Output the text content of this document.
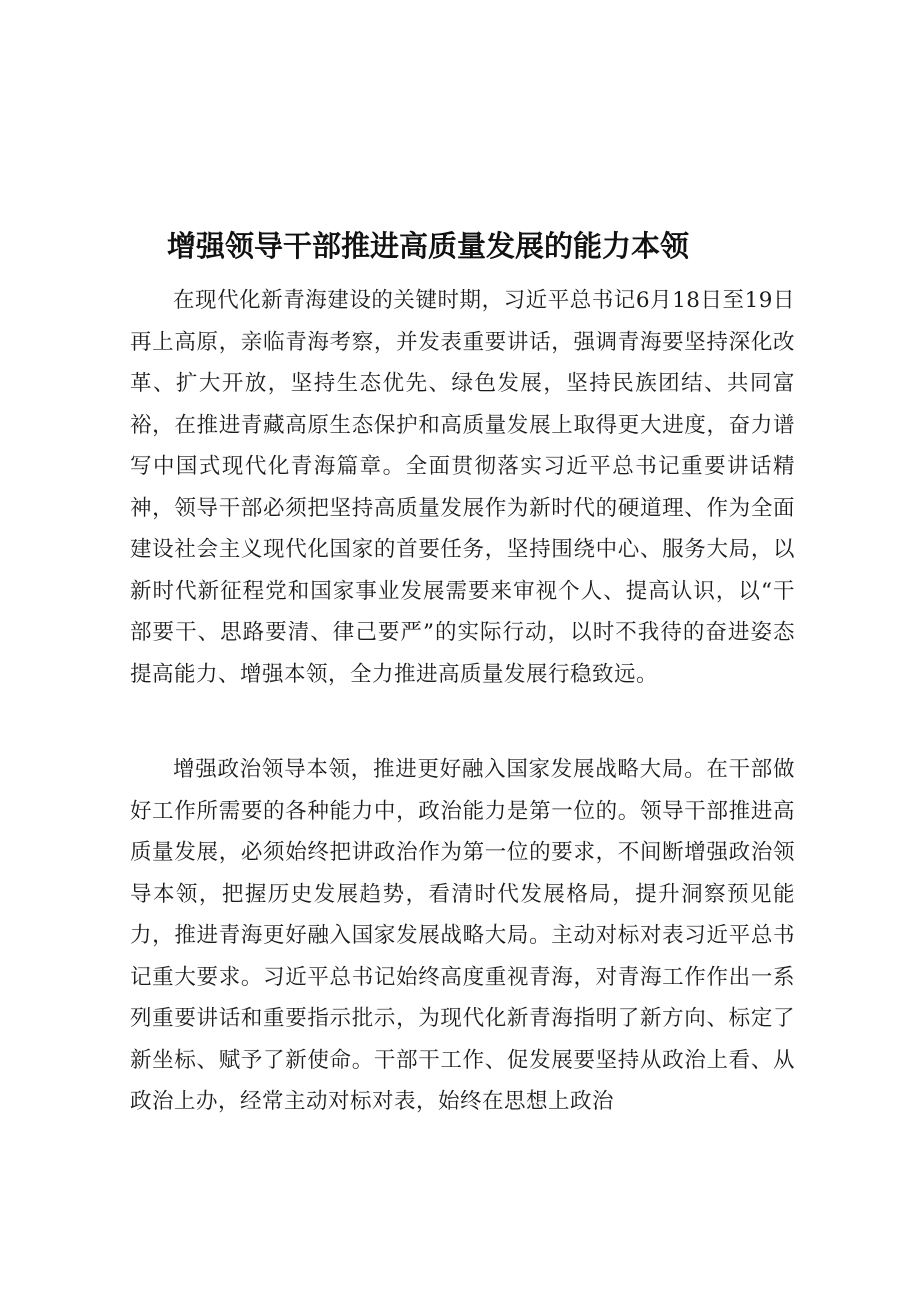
增强领导干部推进高质量发展的能力本领

在现代化新青海建设的关键时期，习近平总书记6月18日至19日再上高原，亲临青海考察，并发表重要讲话，强调青海要坚持深化改革、扩大开放，坚持生态优先、绿色发展，坚持民族团结、共同富裕，在推进青藏高原生态保护和高质量发展上取得更大进度，奋力谱写中国式现代化青海篇章。全面贯彻落实习近平总书记重要讲话精神，领导干部必须把坚持高质量发展作为新时代的硬道理、作为全面建设社会主义现代化国家的首要任务，坚持围绕中心、服务大局，以新时代新征程党和国家事业发展需要来审视个人、提高认识，以“干部要干、思路要清、律己要严”的实际行动，以时不我待的奋进姿态提高能力、增强本领，全力推进高质量发展行稳致远。

增强政治领导本领，推进更好融入国家发展战略大局。在干部做好工作所需要的各种能力中，政治能力是第一位的。领导干部推进高质量发展，必须始终把讲政治作为第一位的要求，不间断增强政治领导本领，把握历史发展趋势，看清时代发展格局，提升洞察预见能力，推进青海更好融入国家发展战略大局。主动对标对表习近平总书记重大要求。习近平总书记始终高度重视青海，对青海工作作出一系列重要讲话和重要指示批示，为现代化新青海指明了新方向、标定了新坐标、赋予了新使命。干部干工作、促发展要坚持从政治上看、从政治上办，经常主动对标对表，始终在思想上政治
